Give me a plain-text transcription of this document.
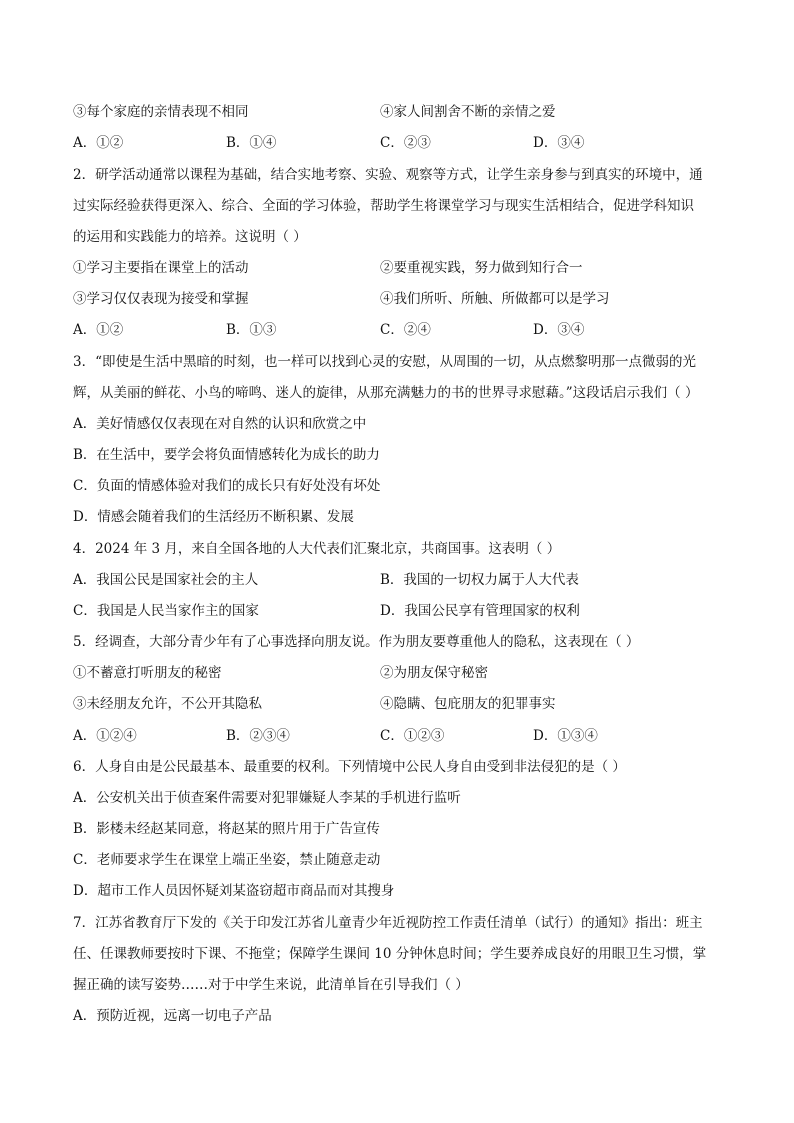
③每个家庭的亲情表现不相同	④家人间割舍不断的亲情之爱
A．①②	B．①④	C．②③	D．③④
2．研学活动通常以课程为基础，结合实地考察、实验、观察等方式，让学生亲身参与到真实的环境中，通
过实际经验获得更深入、综合、全面的学习体验，帮助学生将课堂学习与现实生活相结合，促进学科知识
的运用和实践能力的培养。这说明（ ）
①学习主要指在课堂上的活动	②要重视实践，努力做到知行合一
③学习仅仅表现为接受和掌握	④我们所听、所触、所做都可以是学习
A．①②	B．①③	C．②④	D．③④
3．“即使是生活中黑暗的时刻，也一样可以找到心灵的安慰，从周围的一切，从点燃黎明那一点微弱的光
辉，从美丽的鲜花、小鸟的啼鸣、迷人的旋律，从那充满魅力的书的世界寻求慰藉。”这段话启示我们（ ）
A．美好情感仅仅表现在对自然的认识和欣赏之中
B．在生活中，要学会将负面情感转化为成长的助力
C．负面的情感体验对我们的成长只有好处没有坏处
D．情感会随着我们的生活经历不断积累、发展
4．2024 年 3 月，来自全国各地的人大代表们汇聚北京，共商国事。这表明（ ）
A．我国公民是国家社会的主人	B．我国的一切权力属于人大代表
C．我国是人民当家作主的国家	D．我国公民享有管理国家的权利
5．经调查，大部分青少年有了心事选择向朋友说。作为朋友要尊重他人的隐私，这表现在（ ）
①不蓄意打听朋友的秘密	②为朋友保守秘密
③未经朋友允许，不公开其隐私	④隐瞒、包庇朋友的犯罪事实
A．①②④	B．②③④	C．①②③	D．①③④
6．人身自由是公民最基本、最重要的权利。下列情境中公民人身自由受到非法侵犯的是（ ）
A．公安机关出于侦查案件需要对犯罪嫌疑人李某的手机进行监听
B．影楼未经赵某同意，将赵某的照片用于广告宣传
C．老师要求学生在课堂上端正坐姿，禁止随意走动
D．超市工作人员因怀疑刘某盗窃超市商品而对其搜身
7．江苏省教育厅下发的《关于印发江苏省儿童青少年近视防控工作责任清单（试行）的通知》指出：班主
任、任课教师要按时下课、不拖堂；保障学生课间 10 分钟休息时间；学生要养成良好的用眼卫生习惯，掌
握正确的读写姿势……对于中学生来说，此清单旨在引导我们（ ）
A．预防近视，远离一切电子产品
